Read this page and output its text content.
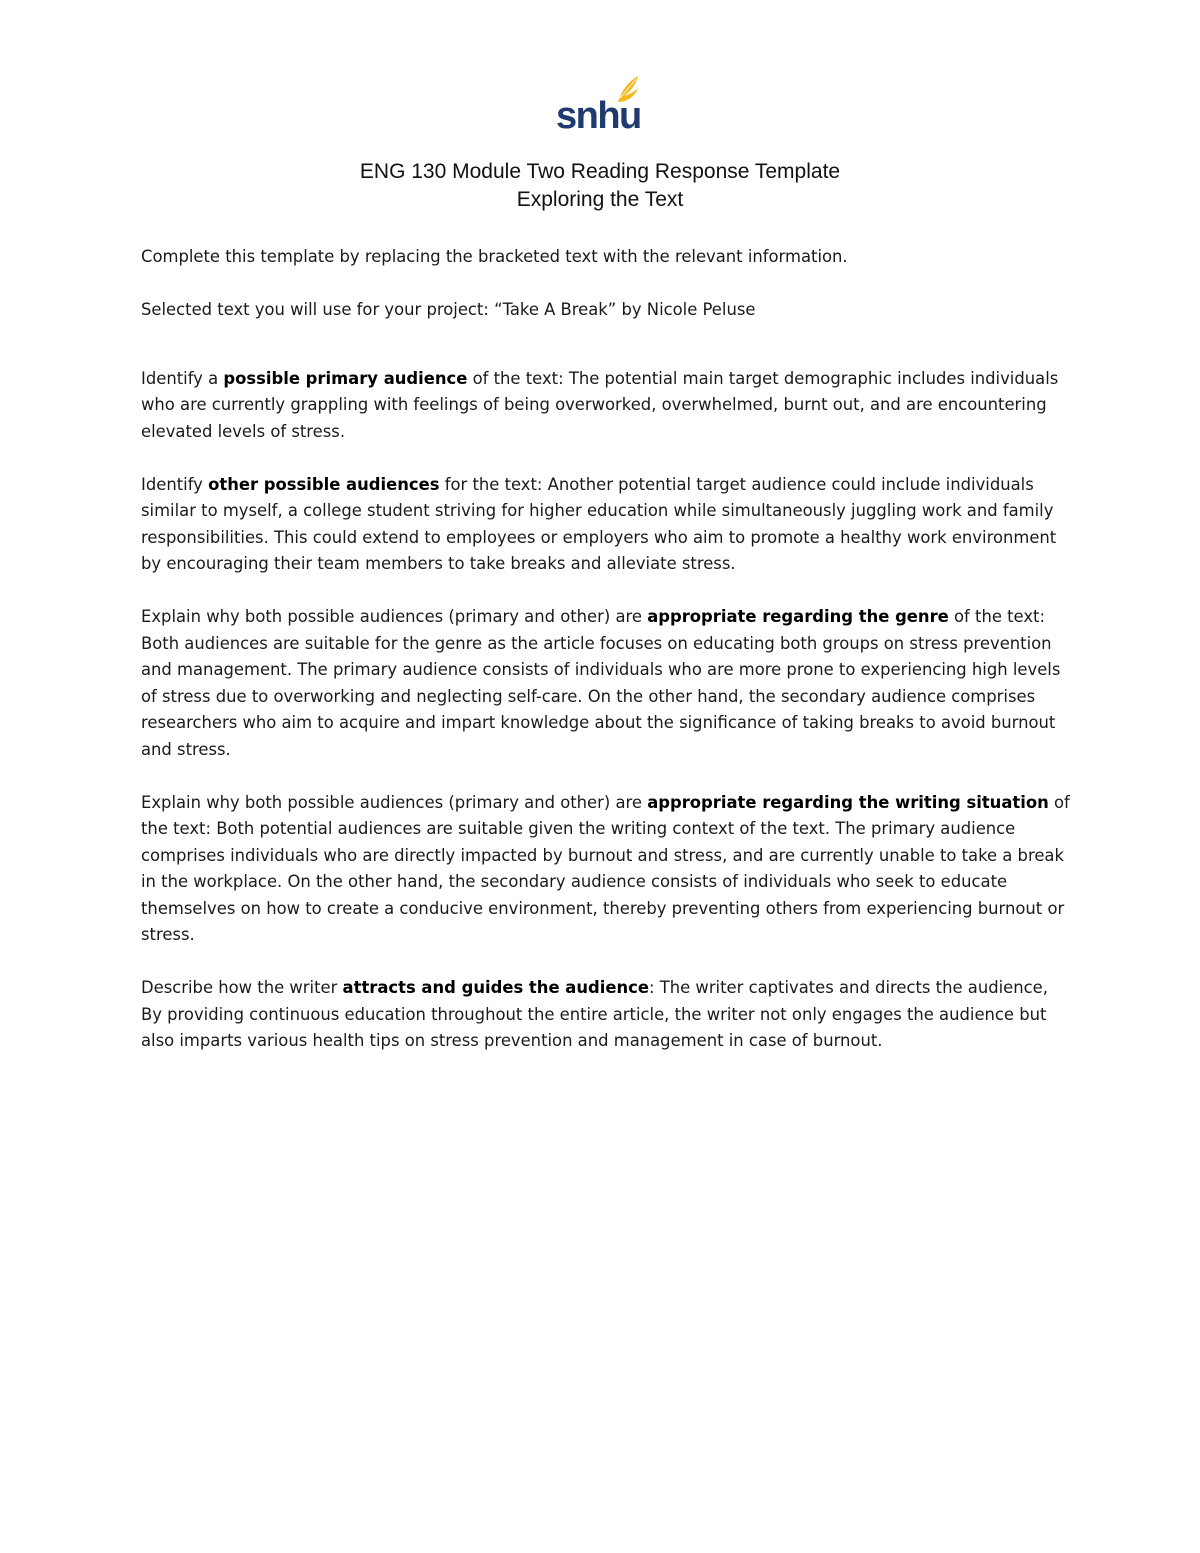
snhu
ENG 130 Module Two Reading Response Template
Exploring the Text

Complete this template by replacing the bracketed text with the relevant information.

Selected text you will use for your project: “Take A Break” by Nicole Peluse

Identify a possible primary audience of the text: The potential main target demographic includes individuals who are currently grappling with feelings of being overworked, overwhelmed, burnt out, and are encountering elevated levels of stress.

Identify other possible audiences for the text: Another potential target audience could include individuals similar to myself, a college student striving for higher education while simultaneously juggling work and family responsibilities. This could extend to employees or employers who aim to promote a healthy work environment by encouraging their team members to take breaks and alleviate stress.

Explain why both possible audiences (primary and other) are appropriate regarding the genre of the text: Both audiences are suitable for the genre as the article focuses on educating both groups on stress prevention and management. The primary audience consists of individuals who are more prone to experiencing high levels of stress due to overworking and neglecting self-care. On the other hand, the secondary audience comprises researchers who aim to acquire and impart knowledge about the significance of taking breaks to avoid burnout and stress.

Explain why both possible audiences (primary and other) are appropriate regarding the writing situation of the text: Both potential audiences are suitable given the writing context of the text. The primary audience comprises individuals who are directly impacted by burnout and stress, and are currently unable to take a break in the workplace. On the other hand, the secondary audience consists of individuals who seek to educate themselves on how to create a conducive environment, thereby preventing others from experiencing burnout or stress.

Describe how the writer attracts and guides the audience: The writer captivates and directs the audience, By providing continuous education throughout the entire article, the writer not only engages the audience but also imparts various health tips on stress prevention and management in case of burnout.
